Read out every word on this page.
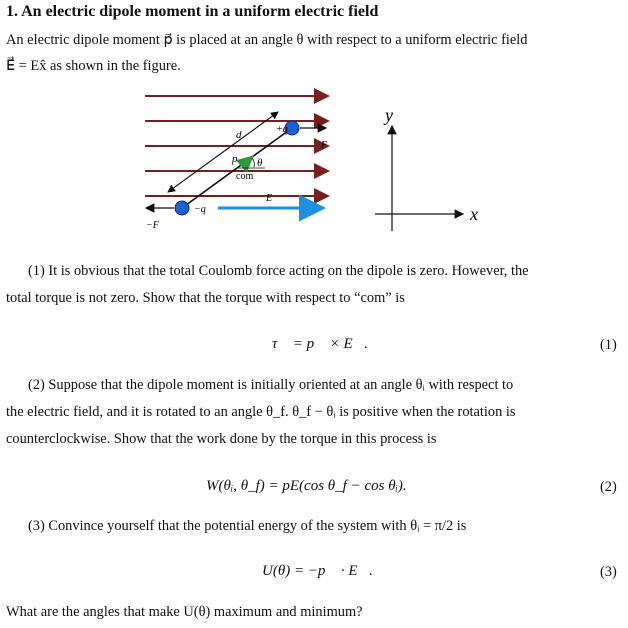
1. An electric dipole moment in a uniform electric field
An electric dipole moment p⃗ is placed at an angle θ with respect to a uniform electric field
E⃗ = Ex̂ as shown in the figure.
d
p⃗ θ
com
+q
F⃗
−q
−F⃗
E⃗
y
x
(1) It is obvious that the total Coulomb force acting on the dipole is zero. However, the
total torque is not zero. Show that the torque with respect to “com” is
τ⃗ = p⃗ × E⃗.	(1)
(2) Suppose that the dipole moment is initially oriented at an angle θᵢ with respect to
the electric field, and it is rotated to an angle θ_f. θ_f − θᵢ is positive when the rotation is
counterclockwise. Show that the work done by the torque in this process is
W(θᵢ, θ_f) = pE(cos θ_f − cos θᵢ).	(2)
(3) Convince yourself that the potential energy of the system with θᵢ = π/2 is
U(θ) = −p⃗ · E⃗.	(3)
What are the angles that make U(θ) maximum and minimum?
